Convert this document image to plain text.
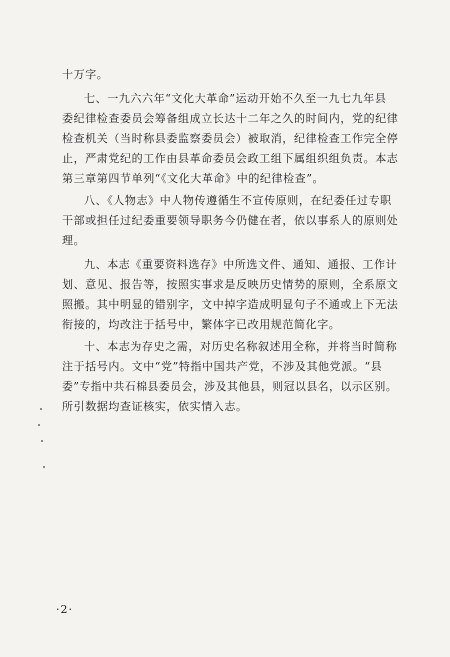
十万字。
七、一九六六年“文化大革命”运动开始不久至一九七九年县
委纪律检查委员会筹备组成立长达十二年之久的时间内，党的纪律
检查机关（当时称县委监察委员会）被取消，纪律检查工作完全停
止，严肃党纪的工作由县革命委员会政工组下属组织组负责。本志
第三章第四节单列“《文化大革命》中的纪律检查”。
八、《人物志》中人物传遵循生不宣传原则，在纪委任过专职
干部或担任过纪委重要领导职务今仍健在者，依以事系人的原则处
理。
九、本志《重要资料选存》中所选文件、通知、通报、工作计
划、意见、报告等，按照实事求是反映历史情势的原则，全系原文
照搬。其中明显的错别字，文中掉字造成明显句子不通或上下无法
衔接的，均改注于括号中，繁体字已改用规范简化字。
十、本志为存史之需，对历史名称叙述用全称，并将当时简称
注于括号内。文中“党”特指中国共产党，不涉及其他党派。“县
委”专指中共石棉县委员会，涉及其他县，则冠以县名，以示区别。
所引数据均查证核实，依实情入志。
·2·
